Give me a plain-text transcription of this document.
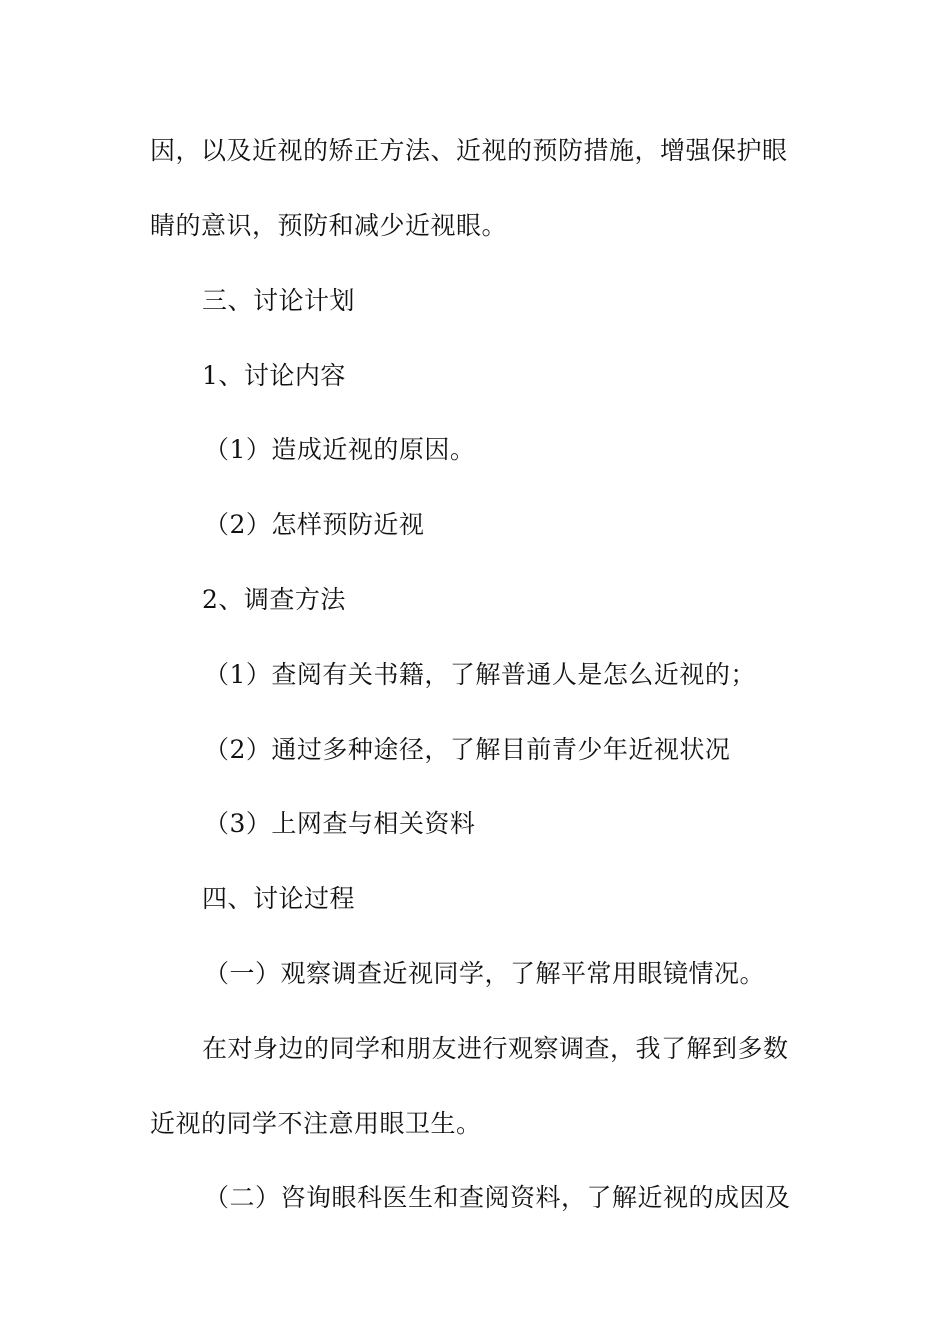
因，以及近视的矫正方法、近视的预防措施，增强保护眼
睛的意识，预防和减少近视眼。
三、讨论计划
1、讨论内容
（1）造成近视的原因。
（2）怎样预防近视
2、调查方法
（1）查阅有关书籍，了解普通人是怎么近视的；
（2）通过多种途径，了解目前青少年近视状况
（3）上网查与相关资料
四、讨论过程
（一）观察调查近视同学，了解平常用眼镜情况。
在对身边的同学和朋友进行观察调查，我了解到多数
近视的同学不注意用眼卫生。
（二）咨询眼科医生和查阅资料，了解近视的成因及
